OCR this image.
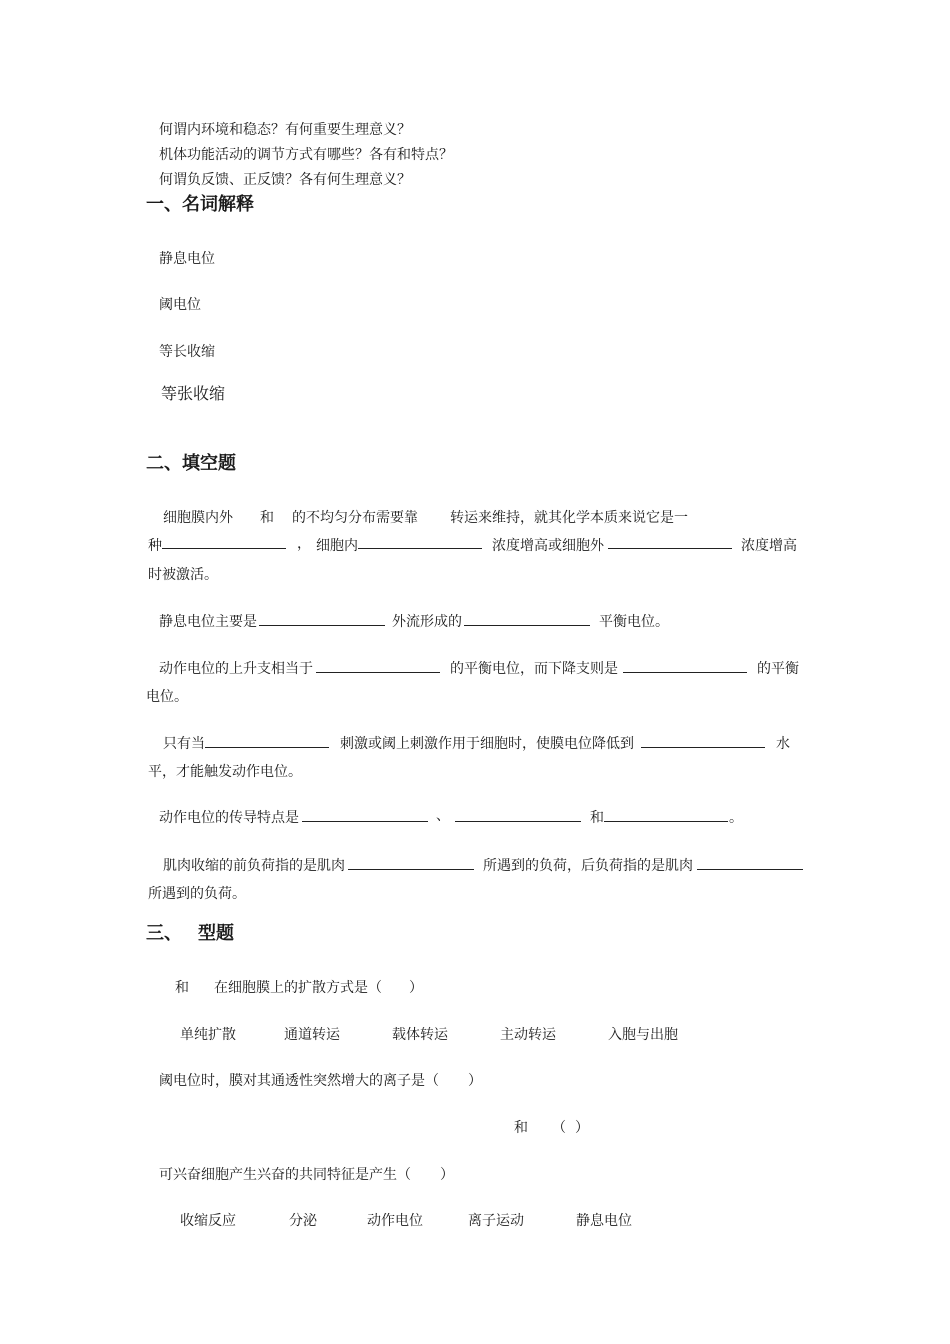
何谓内环境和稳态？有何重要生理意义？
机体功能活动的调节方式有哪些？各有和特点？
何谓负反馈、正反馈？各有何生理意义？
一、名词解释
静息电位
阈电位
等长收缩
等张收缩
二、填空题
细胞膜内外 和 的不均匀分布需要靠 转运来维持，就其化学本质来说它是一
种	， 细胞内	浓度增高或细胞外	浓度增高
时被激活。
静息电位主要是	外流形成的	平衡电位。
动作电位的上升支相当于	的平衡电位，而下降支则是	的平衡
电位。
只有当	刺激或阈上刺激作用于细胞时，使膜电位降低到	水
平，才能触发动作电位。
动作电位的传导特点是	、	和	。
肌肉收缩的前负荷指的是肌肉	所遇到的负荷，后负荷指的是肌肉
所遇到的负荷。
三、 型题
和 在细胞膜上的扩散方式是（ ）
单纯扩散	通道转运	载体转运	主动转运	入胞与出胞
阈电位时，膜对其通透性突然增大的离子是（ ）
和 （ ）
可兴奋细胞产生兴奋的共同特征是产生（ ）
收缩反应	分泌	动作电位	离子运动	静息电位
